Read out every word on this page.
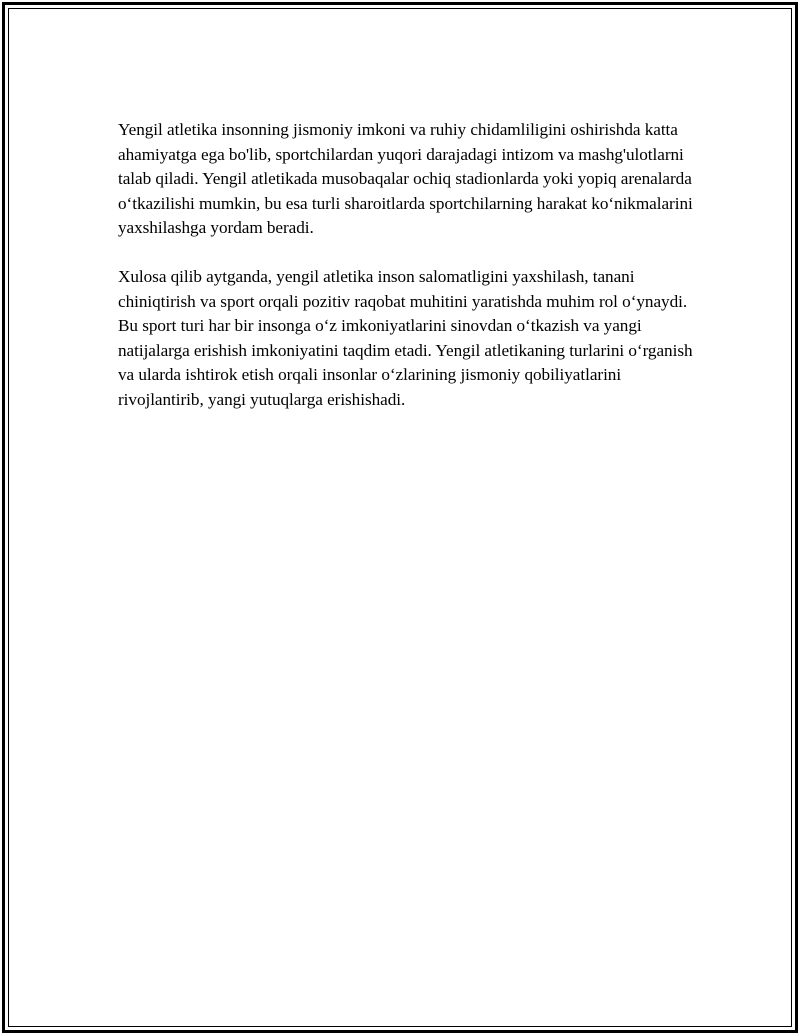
Yengil atletika insonning jismoniy imkoni va ruhiy chidamliligini oshirishda katta ahamiyatga ega bo'lib, sportchilardan yuqori darajadagi intizom va mashg'ulotlarni talab qiladi. Yengil atletikada musobaqalar ochiq stadionlarda yoki yopiq arenalarda oʻtkazilishi mumkin, bu esa turli sharoitlarda sportchilarning harakat koʻnikmalarini yaxshilashga yordam beradi.

Xulosa qilib aytganda, yengil atletika inson salomatligini yaxshilash, tanani chiniqtirish va sport orqali pozitiv raqobat muhitini yaratishda muhim rol oʻynaydi. Bu sport turi har bir insonga oʻz imkoniyatlarini sinovdan oʻtkazish va yangi natijalarga erishish imkoniyatini taqdim etadi. Yengil atletikaning turlarini oʻrganish va ularda ishtirok etish orqali insonlar oʻzlarining jismoniy qobiliyatlarini rivojlantirib, yangi yutuqlarga erishishadi.
